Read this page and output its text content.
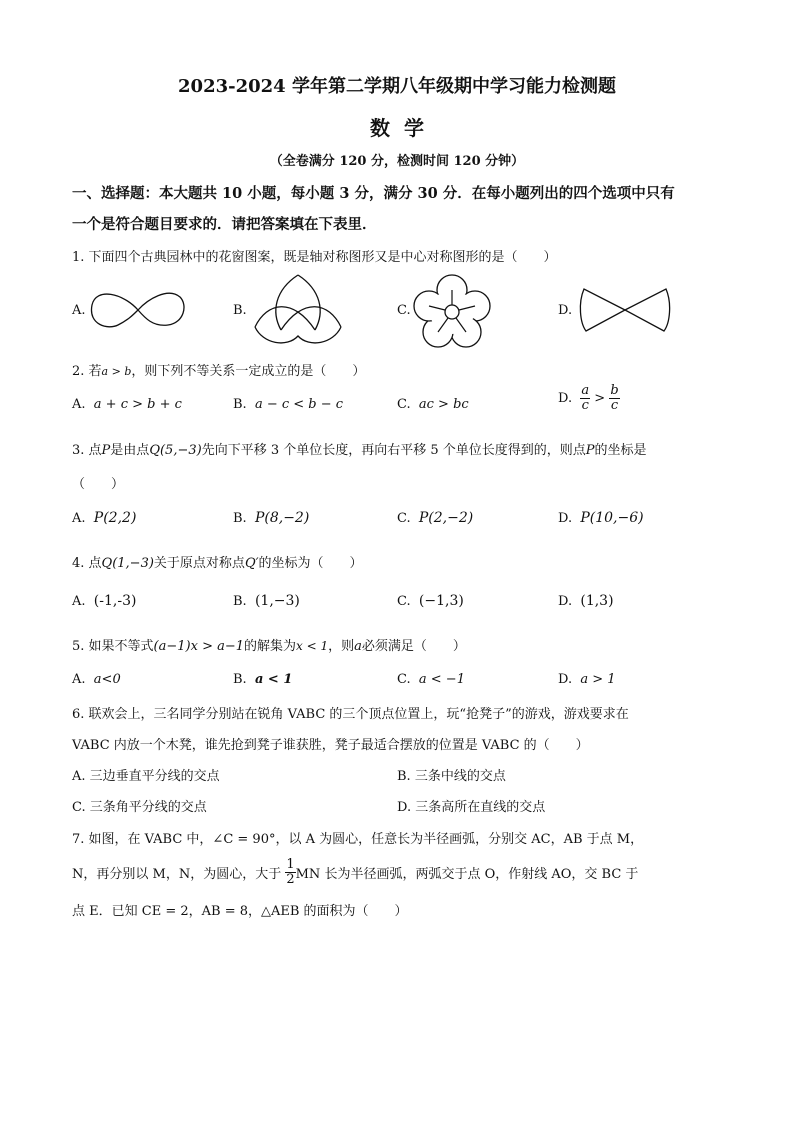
2023-2024 学年第二学期八年级期中学习能力检测题
数学
（全卷满分 120 分，检测时间 120 分钟）
一、选择题：本大题共 10 小题，每小题 3 分，满分 30 分．在每小题列出的四个选项中只有
一个是符合题目要求的．请把答案填在下表里．
1. 下面四个古典园林中的花窗图案，既是轴对称图形又是中心对称图形的是（　　）
A.	B.	C.	D.
2. 若a > b，则下列不等关系一定成立的是（　　）
A. a + c > b + c	B. a − c < b − c	C. ac > bc	D. $\frac{a}{c} > \frac{b}{c}$
3. 点P是由点Q(5,−3)先向下平移 3 个单位长度，再向右平移 5 个单位长度得到的，则点P的坐标是
（　　）
A. P(2,2)	B. P(8,−2)	C. P(2,−2)	D. P(10,−6)
4. 点Q(1,−3)关于原点对称点Q′的坐标为（　　）
A. (-1,-3)	B. (1,−3)	C. (−1,3)	D. (1,3)
5. 如果不等式(a−1)x > a−1的解集为x < 1，则a必须满足（　　）
A. a<0	B. a < 1	C. a < −1	D. a > 1
6. 联欢会上，三名同学分别站在锐角 VABC 的三个顶点位置上，玩“抢凳子”的游戏，游戏要求在
VABC 内放一个木凳，谁先抢到凳子谁获胜，凳子最适合摆放的位置是 VABC 的（　　）
A. 三边垂直平分线的交点	B. 三条中线的交点
C. 三条角平分线的交点	D. 三条高所在直线的交点
7. 如图，在 VABC 中，∠C = 90°，以 A 为圆心，任意长为半径画弧，分别交 AC，AB 于点 M，
N，再分别以 M，N，为圆心，大于 $\frac{1}{2}$ MN 长为半径画弧，两弧交于点 O，作射线 AO，交 BC 于
点 E．已知 CE = 2，AB = 8，△AEB 的面积为（　　）
